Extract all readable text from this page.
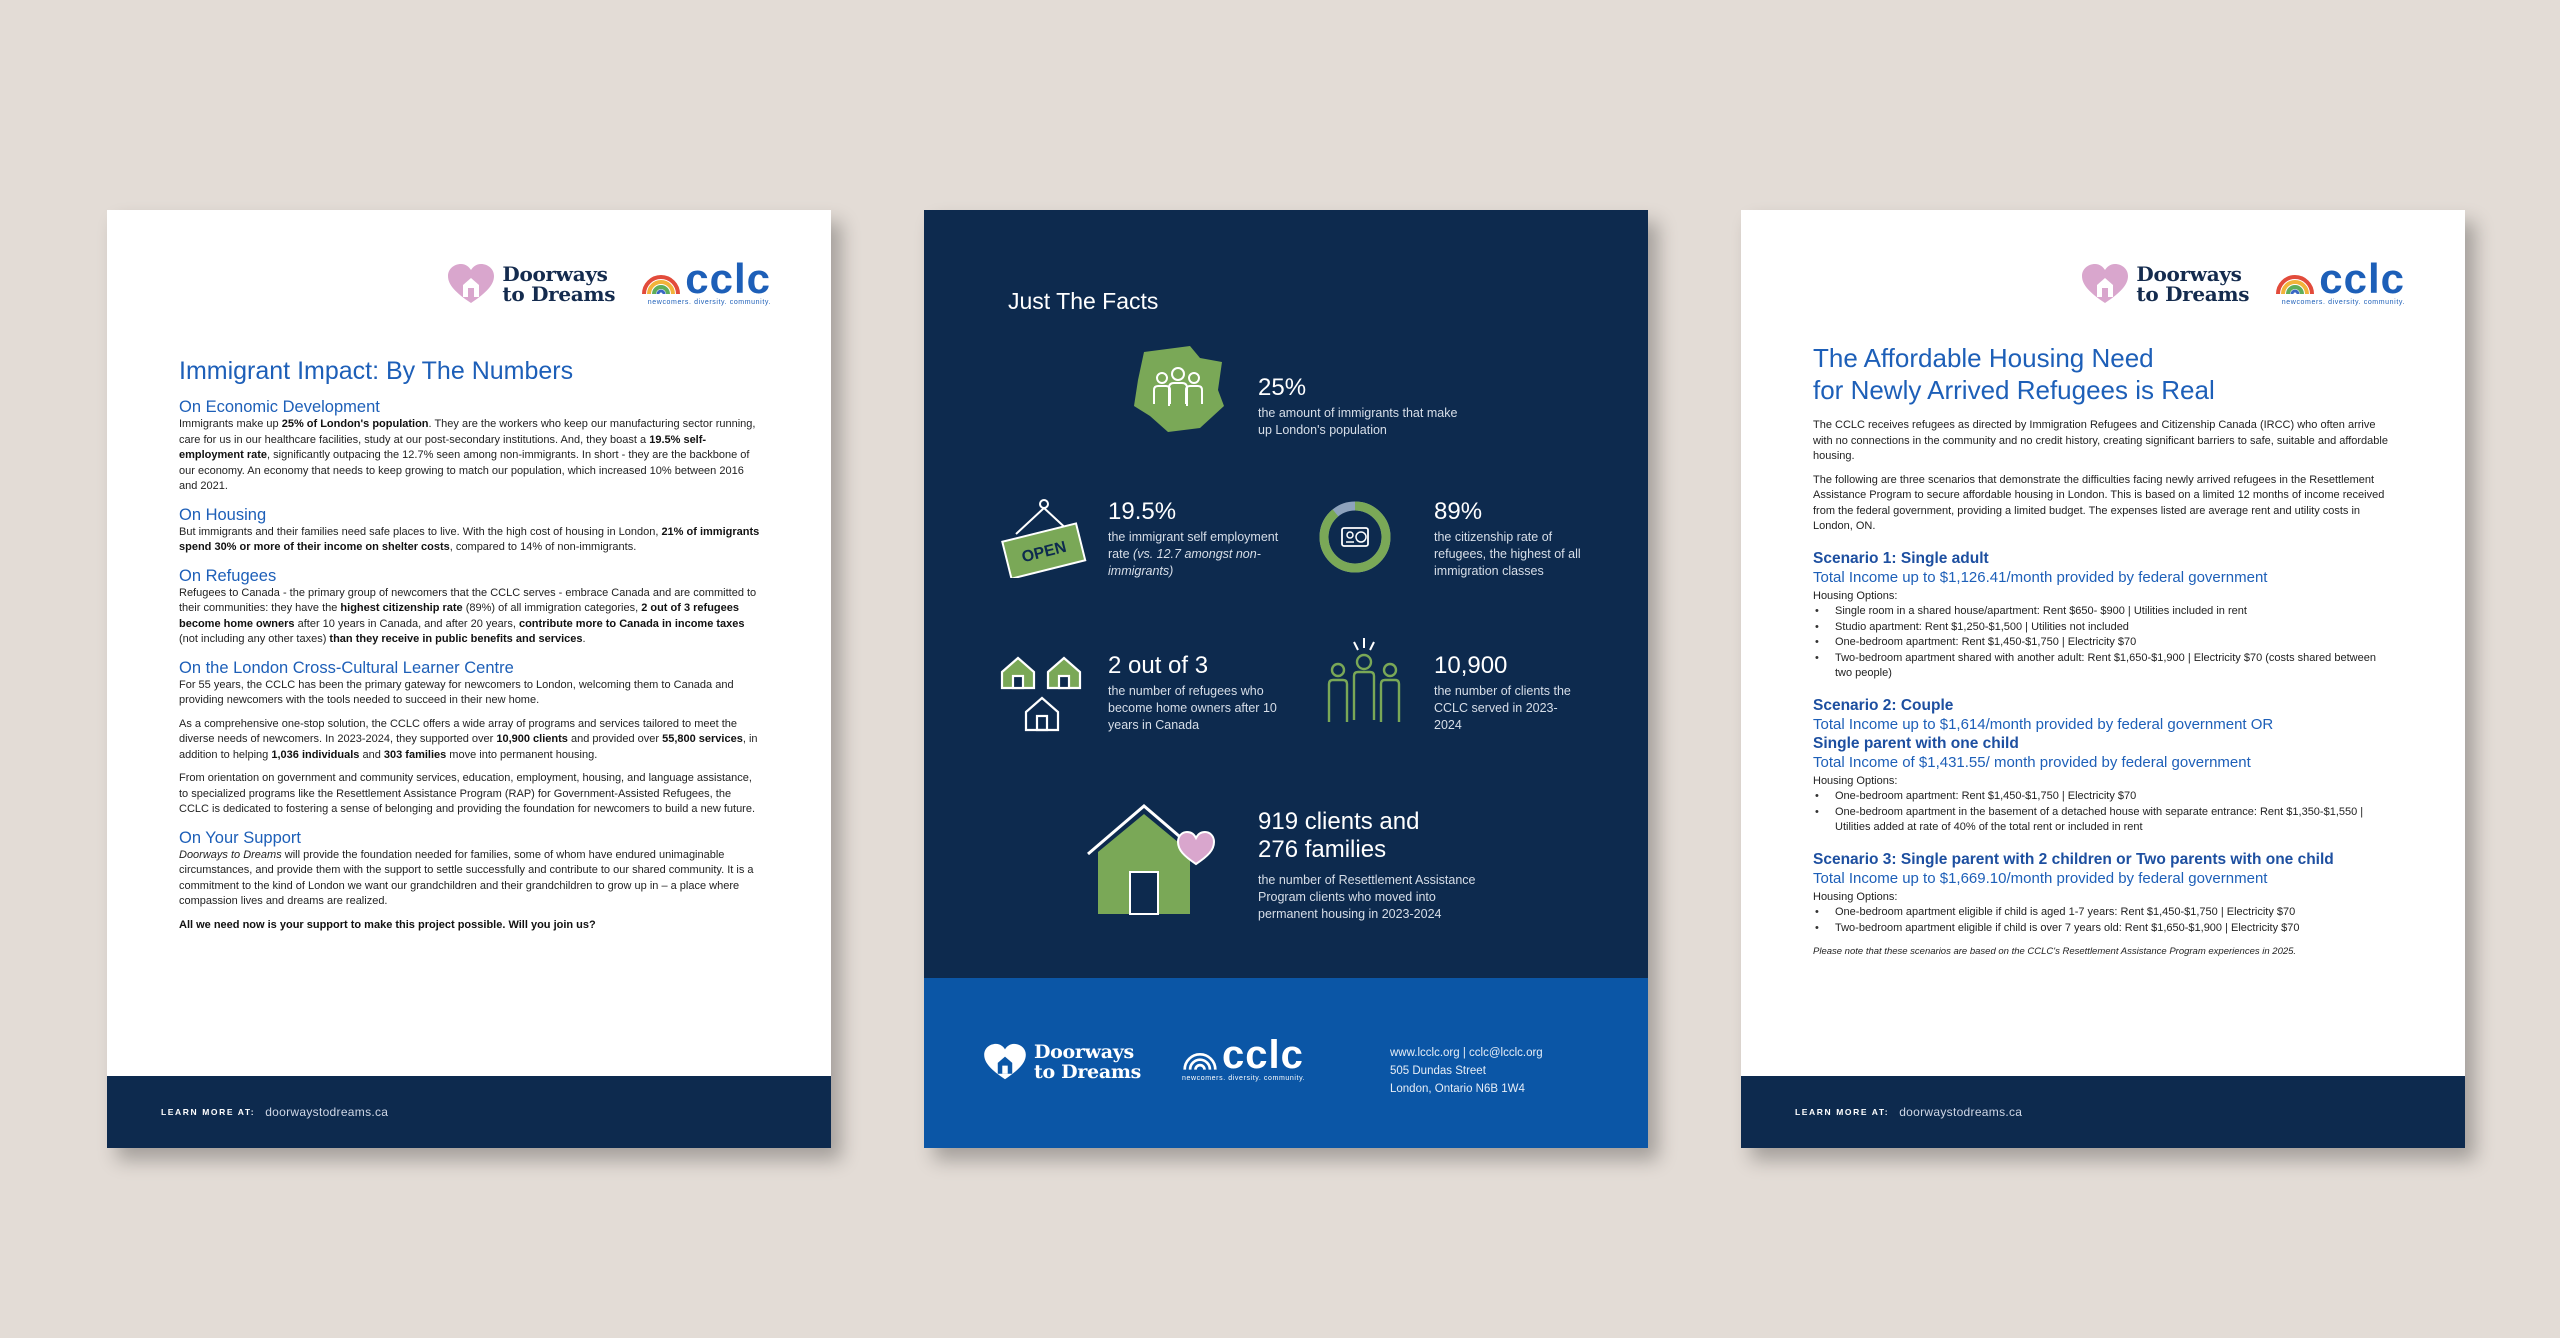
Doorways
to Dreams cclc
newcomers. diversity. community.
Immigrant Impact: By The Numbers
On Economic Development

Immigrants make up 25% of London's population. They are the workers who keep our manufacturing sector running, care for us in our healthcare facilities, study at our post-secondary institutions. And, they boast a 19.5% self-employment rate, significantly outpacing the 12.7% seen among non-immigrants. In short - they are the backbone of our economy. An economy that needs to keep growing to match our population, which increased 10% between 2016 and 2021.

On Housing

But immigrants and their families need safe places to live. With the high cost of housing in London, 21% of immigrants spend 30% or more of their income on shelter costs, compared to 14% of non-immigrants.

On Refugees

Refugees to Canada - the primary group of newcomers that the CCLC serves - embrace Canada and are committed to their communities: they have the highest citizenship rate (89%) of all immigration categories, 2 out of 3 refugees become home owners after 10 years in Canada, and after 20 years, contribute more to Canada in income taxes (not including any other taxes) than they receive in public benefits and services.

On the London Cross-Cultural Learner Centre

For 55 years, the CCLC has been the primary gateway for newcomers to London, welcoming them to Canada and providing newcomers with the tools needed to succeed in their new home.

As a comprehensive one-stop solution, the CCLC offers a wide array of programs and services tailored to meet the diverse needs of newcomers. In 2023-2024, they supported over 10,900 clients and provided over 55,800 services, in addition to helping 1,036 individuals and 303 families move into permanent housing.

From orientation on government and community services, education, employment, housing, and language assistance, to specialized programs like the Resettlement Assistance Program (RAP) for Government-Assisted Refugees, the CCLC is dedicated to fostering a sense of belonging and providing the foundation for newcomers to build a new future.

On Your Support

Doorways to Dreams will provide the foundation needed for families, some of whom have endured unimaginable circumstances, and provide them with the support to settle successfully and contribute to our shared community. It is a commitment to the kind of London we want our grandchildren and their grandchildren to grow up in – a place where compassion lives and dreams are realized.

All we need now is your support to make this project possible. Will you join us?

LEARN MORE AT: doorwaystodreams.ca
Just The Facts
25%
the amount of immigrants that make up London's population
OPEN
19.5%
the immigrant self employment rate (vs. 12.7 amongst non-immigrants)
89%
the citizenship rate of refugees, the highest of all immigration classes
2 out of 3
the number of refugees who become home owners after 10 years in Canada
10,900
the number of clients the CCLC served in 2023-2024
919 clients and
276 families
the number of Resettlement Assistance Program clients who moved into permanent housing in 2023-2024
Doorways
to Dreams cclc
newcomers. diversity. community.
www.lcclc.org | cclc@lcclc.org
505 Dundas Street
London, Ontario N6B 1W4
Doorways
to Dreams cclc
newcomers. diversity. community.
The Affordable Housing Need
for Newly Arrived Refugees is Real

The CCLC receives refugees as directed by Immigration Refugees and Citizenship Canada (IRCC) who often arrive with no connections in the community and no credit history, creating significant barriers to safe, suitable and affordable housing.

The following are three scenarios that demonstrate the difficulties facing newly arrived refugees in the Resettlement Assistance Program to secure affordable housing in London. This is based on a limited 12 months of income received from the federal government, providing a limited budget. The expenses listed are average rent and utility costs in London, ON.

Scenario 1: Single adult
Total Income up to $1,126.41/month provided by federal government
Housing Options:
• Single room in a shared house/apartment: Rent $650- $900 | Utilities included in rent
• Studio apartment: Rent $1,250-$1,500 | Utilities not included
• One-bedroom apartment: Rent $1,450-$1,750 | Electricity $70
• Two-bedroom apartment shared with another adult: Rent $1,650-$1,900 | Electricity $70 (costs shared between two people)
Scenario 2: Couple
Total Income up to $1,614/month provided by federal government OR
Single parent with one child
Total Income of $1,431.55/ month provided by federal government
Housing Options:
• One-bedroom apartment: Rent $1,450-$1,750 | Electricity $70
• One-bedroom apartment in the basement of a detached house with separate entrance: Rent $1,350-$1,550 | Utilities added at rate of 40% of the total rent or included in rent
Scenario 3: Single parent with 2 children or Two parents with one child
Total Income up to $1,669.10/month provided by federal government
Housing Options:
• One-bedroom apartment eligible if child is aged 1-7 years: Rent $1,450-$1,750 | Electricity $70
• Two-bedroom apartment eligible if child is over 7 years old: Rent $1,650-$1,900 | Electricity $70
Please note that these scenarios are based on the CCLC's Resettlement Assistance Program experiences in 2025.
LEARN MORE AT: doorwaystodreams.ca
